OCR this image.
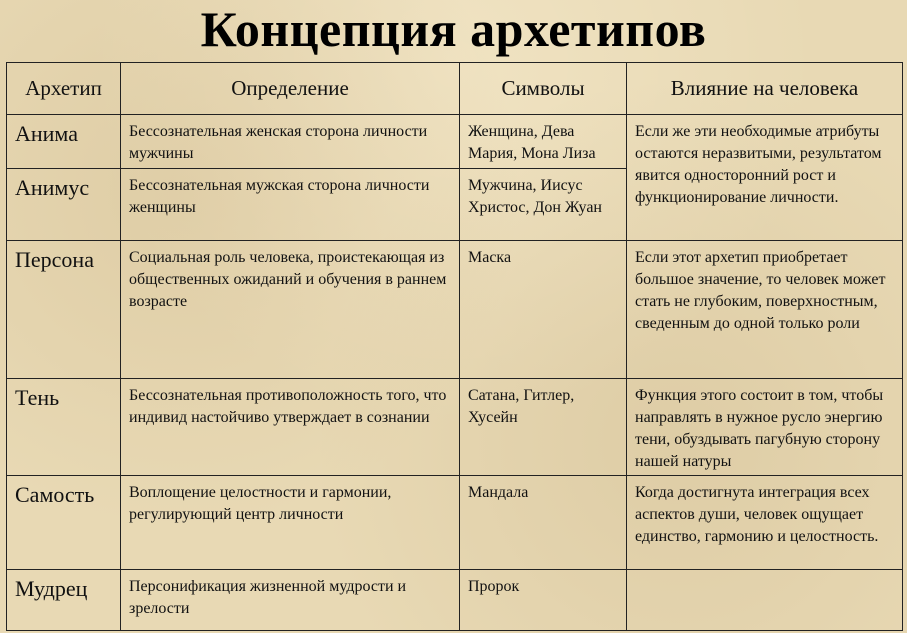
Концепция архетипов
Архетип	Определение	Символы	Влияние на человека
Анима	Бессознательная женская сторона личности мужчины	Женщина, Дева Мария, Мона Лиза	Если же эти необходимые атрибуты остаются неразвитыми, результатом явится односторонний рост и функционирование личности.
Анимус	Бессознательная мужская сторона личности женщины	Мужчина, Иисус Христос, Дон Жуан	
Персона	Социальная роль человека, проистекающая из общественных ожиданий и обучения в раннем возрасте	Маска	Если этот архетип приобретает большое значение, то человек может стать не глубоким, поверхностным, сведенным до одной только роли
Тень	Бессознательная противоположность того, что индивид настойчиво утверждает в сознании	Сатана, Гитлер, Хусейн	Функция этого состоит в том, чтобы направлять в нужное русло энергию тени, обуздывать пагубную сторону нашей натуры
Самость	Воплощение целостности и гармонии, регулирующий центр личности	Мандала	Когда достигнута интеграция всех аспектов души, человек ощущает единство, гармонию и целостность.
Мудрец	Персонификация жизненной мудрости и зрелости	Пророк	
